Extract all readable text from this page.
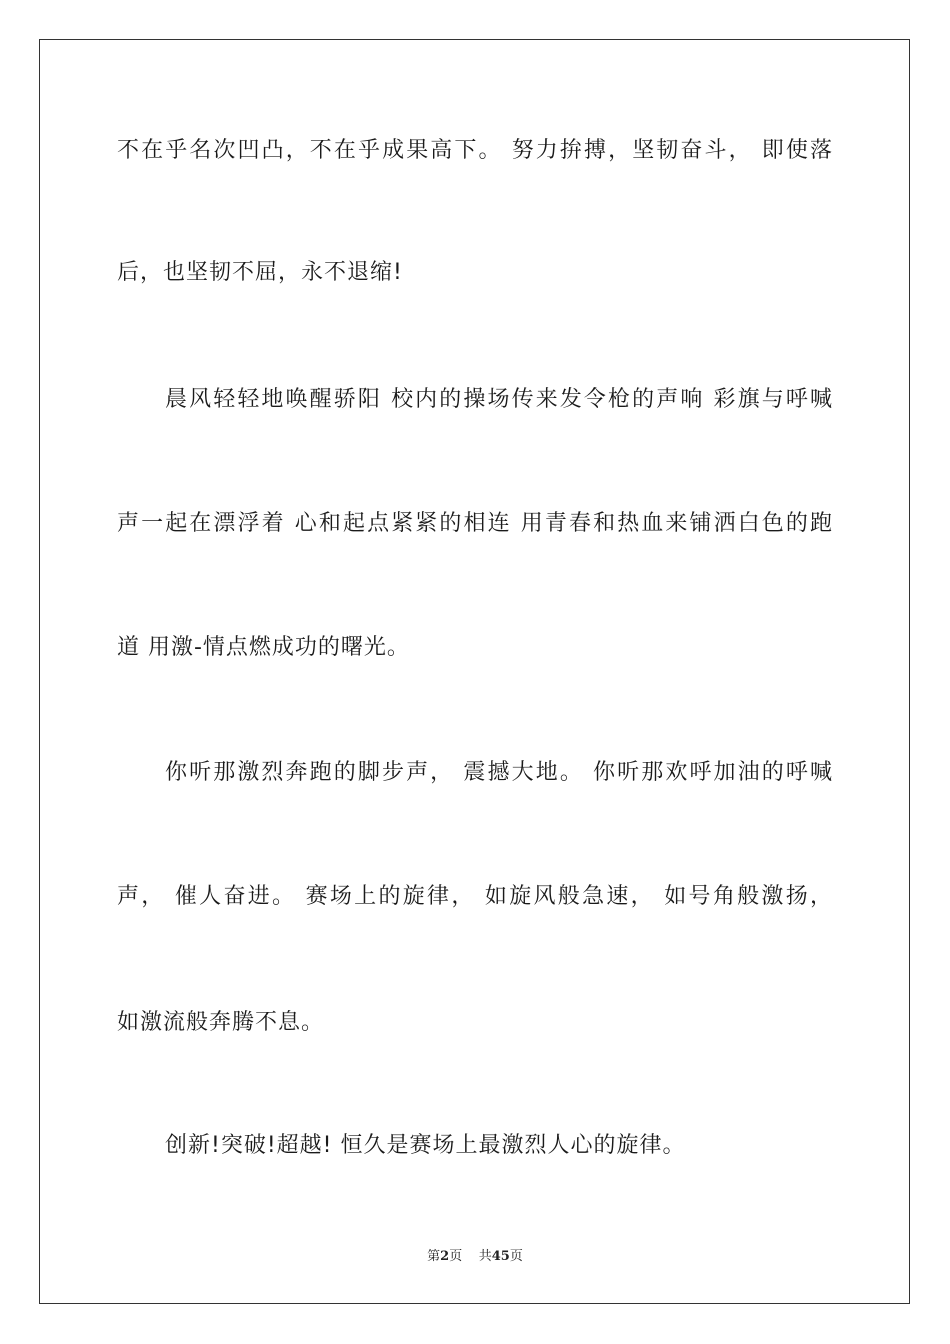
不在乎名次凹凸，不在乎成果高下。 努力拚搏，坚韧奋斗， 即使落
后，也坚韧不屈，永不退缩!
晨风轻轻地唤醒骄阳 校内的操场传来发令枪的声响 彩旗与呼喊
声一起在漂浮着 心和起点紧紧的相连 用青春和热血来铺洒白色的跑
道 用激-情点燃成功的曙光。
你听那激烈奔跑的脚步声， 震撼大地。 你听那欢呼加油的呼喊
声， 催人奋进。 赛场上的旋律， 如旋风般急速， 如号角般激扬，
如激流般奔腾不息。
创新!突破!超越! 恒久是赛场上最激烈人心的旋律。
第2页 共45页
